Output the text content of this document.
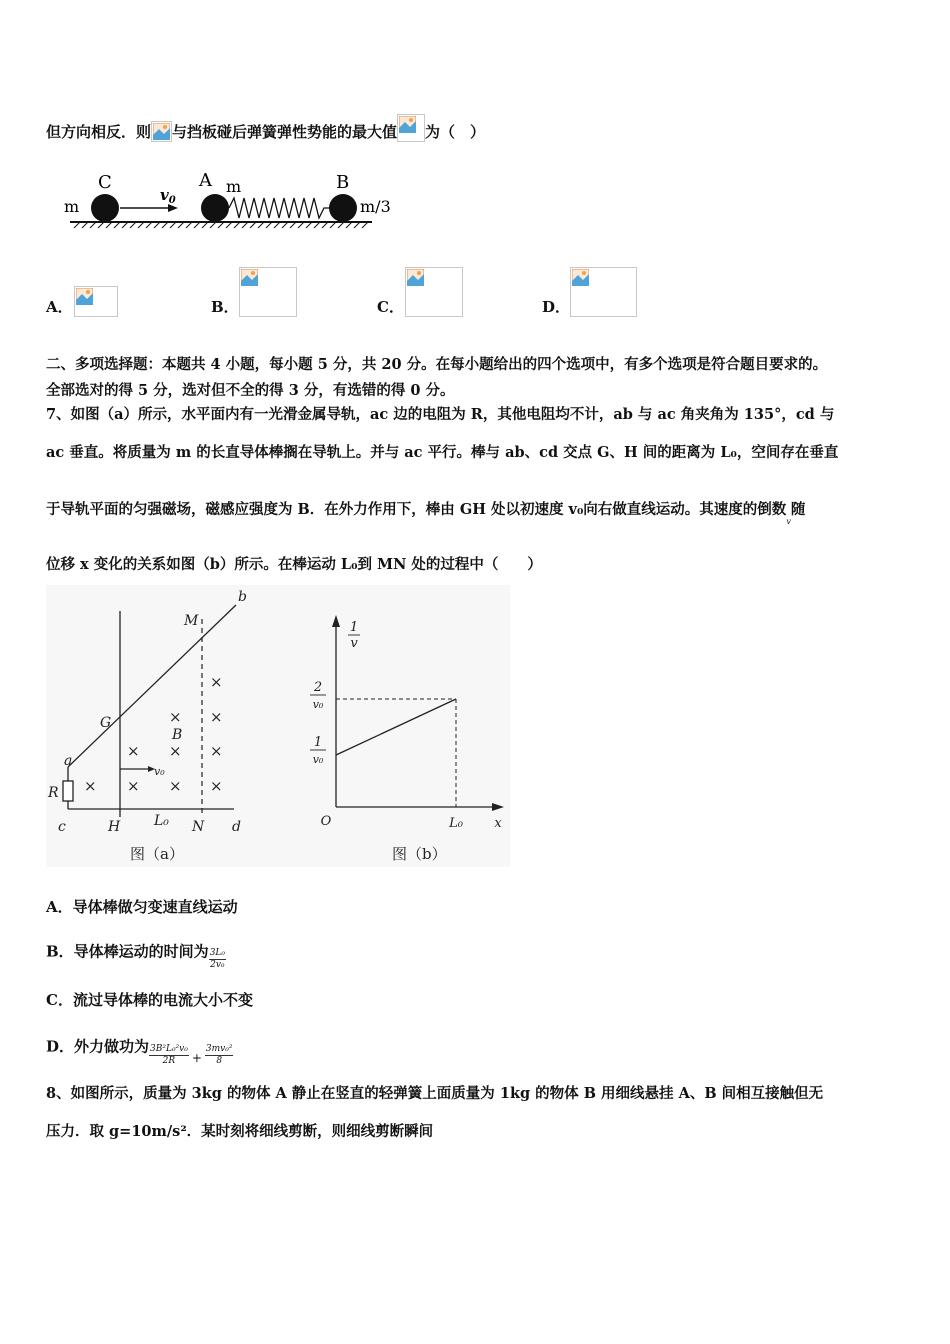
但方向相反．则 与挡板碰后弹簧弹性势能的最大值 为（　）
m
C
$v_0$
A m	B
m/3
A．	B．	C．	D．
二、多项选择题：本题共 4 小题，每小题 5 分，共 20 分。在每小题给出的四个选项中，有多个选项是符合题目要求的。
全部选对的得 5 分，选对但不全的得 3 分，有选错的得 0 分。
7、如图（a）所示，水平面内有一光滑金属导轨，ac 边的电阻为 R，其他电阻均不计，ab 与 ac 角夹角为 135°，cd 与
ac 垂直。将质量为 m 的长直导体棒搁在导轨上。并与 ac 平行。棒与 ab、cd 交点 G、H 间的距离为 L₀，空间存在垂直
于导轨平面的匀强磁场，磁感应强度为 B．在外力作用下，棒由 GH 处以初速度 v₀向右做直线运动。其速度的倒数
v
随
位移 x 变化的关系如图（b）所示。在棒运动 L₀到 MN 处的过程中（　　）
×
×
×
×
×
×
×
×
×
×
b
M
G
B
a
R
c	H L₀ N d
v₀
图（a）
1
v
2
v₀
1
v₀
O	L₀ x
图（b）
A．导体棒做匀变速直线运动
B．导体棒运动的时间为 $\frac{\text{3L₀}}{\text{2v₀}}$
C．流过导体棒的电流大小不变
D．外力做功为 $\frac{\text{3B²L₀²v₀}}{2R} _+ \frac{\text{3mv₀²}}{8}$
8、如图所示，质量为 3kg 的物体 A 静止在竖直的轻弹簧上面质量为 1kg 的物体 B 用细线悬挂 A、B 间相互接触但无
压力．取 g=10m/s²．某时刻将细线剪断，则细线剪断瞬间
